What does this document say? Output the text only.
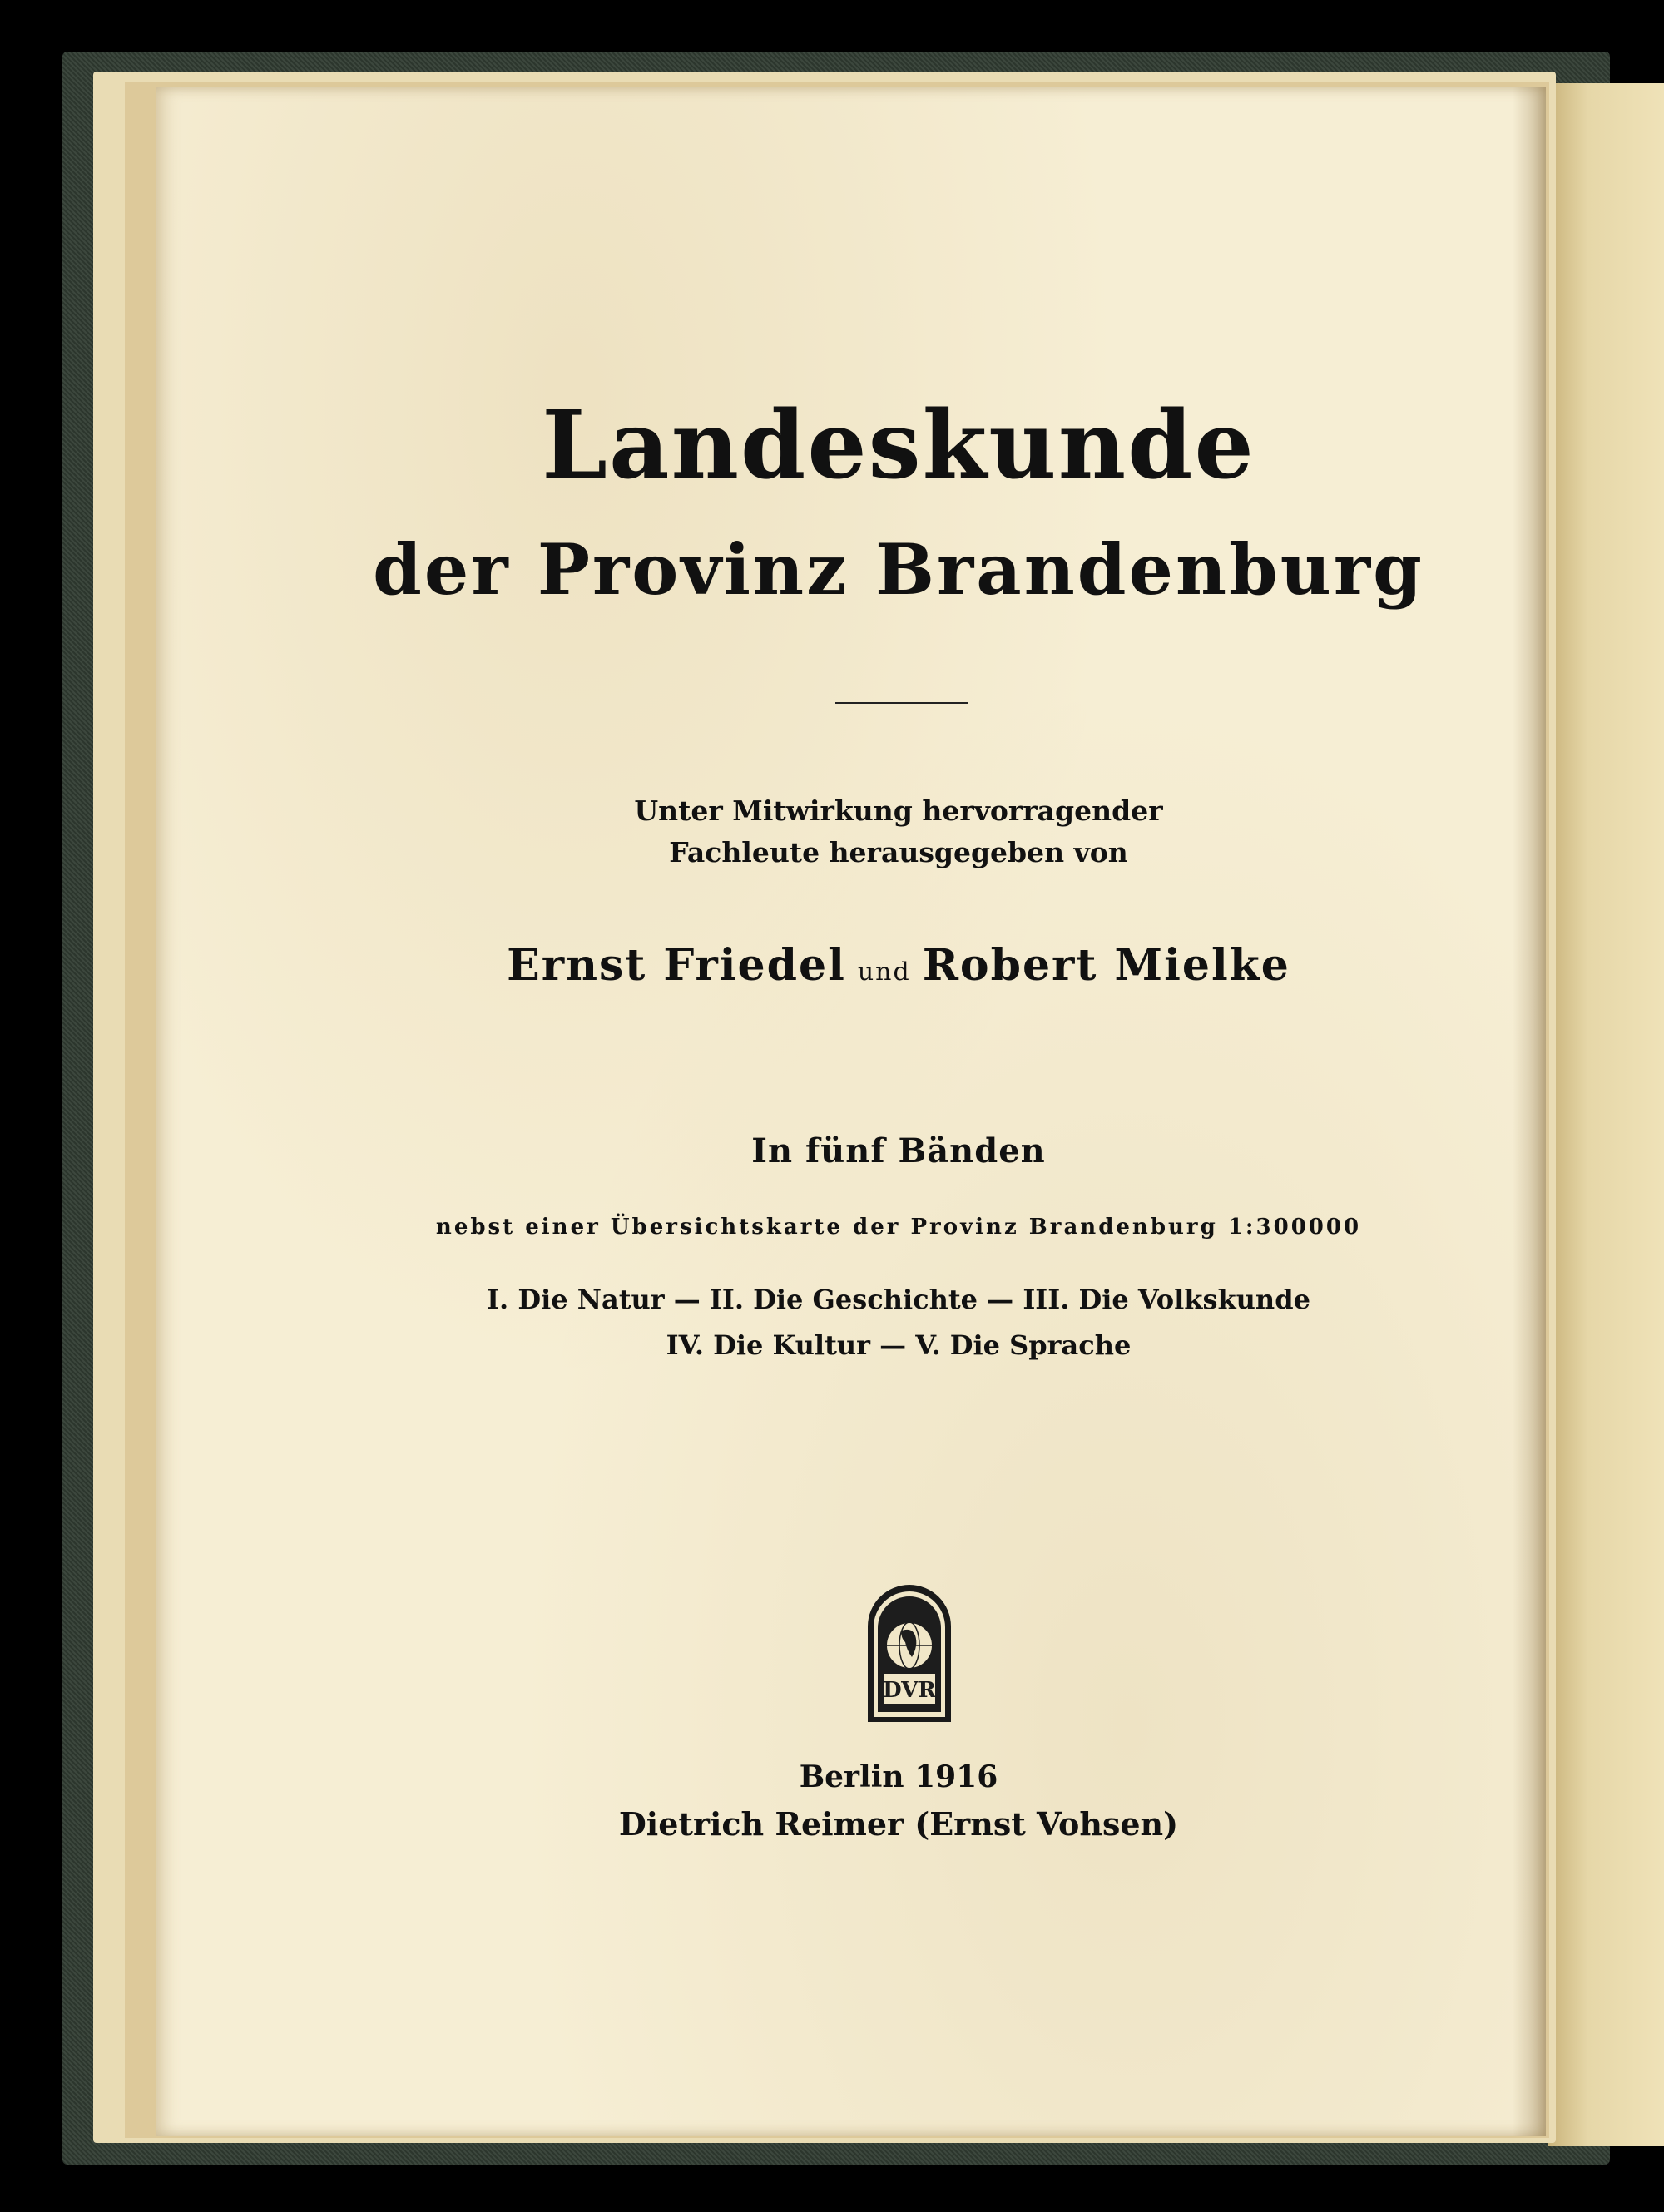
Landeskunde
der Provinz Brandenburg
Unter Mitwirkung hervorragender
Fachleute herausgegeben von
Ernst Friedel und Robert Mielke
In fünf Bänden
nebst einer Übersichtskarte der Provinz Brandenburg 1:300000
I. Die Natur — II. Die Geschichte — III. Die Volkskunde
IV. Die Kultur — V. Die Sprache
DVR
Berlin 1916
Dietrich Reimer (Ernst Vohsen)
